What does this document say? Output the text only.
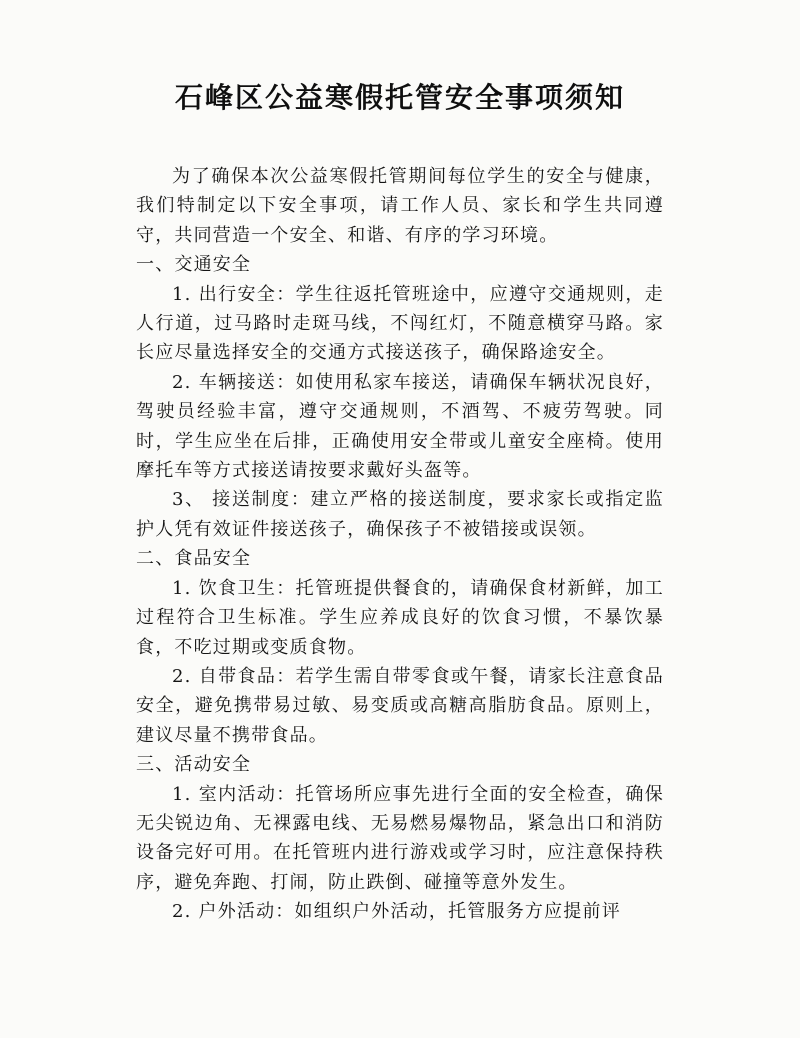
石峰区公益寒假托管安全事项须知

为了确保本次公益寒假托管期间每位学生的安全与健康，我们特制定以下安全事项，请工作人员、家长和学生共同遵守，共同营造一个安全、和谐、有序的学习环境。

一、交通安全

1. 出行安全：学生往返托管班途中，应遵守交通规则，走人行道，过马路时走斑马线，不闯红灯，不随意横穿马路。家长应尽量选择安全的交通方式接送孩子，确保路途安全。

2. 车辆接送：如使用私家车接送，请确保车辆状况良好，驾驶员经验丰富，遵守交通规则，不酒驾、不疲劳驾驶。同时，学生应坐在后排，正确使用安全带或儿童安全座椅。使用摩托车等方式接送请按要求戴好头盔等。

3、 接送制度：建立严格的接送制度，要求家长或指定监护人凭有效证件接送孩子，确保孩子不被错接或误领。

二、食品安全

1. 饮食卫生：托管班提供餐食的，请确保食材新鲜，加工过程符合卫生标准。学生应养成良好的饮食习惯，不暴饮暴食，不吃过期或变质食物。

2. 自带食品：若学生需自带零食或午餐，请家长注意食品安全，避免携带易过敏、易变质或高糖高脂肪食品。原则上，建议尽量不携带食品。

三、活动安全

1. 室内活动：托管场所应事先进行全面的安全检查，确保无尖锐边角、无裸露电线、无易燃易爆物品，紧急出口和消防设备完好可用。在托管班内进行游戏或学习时，应注意保持秩序，避免奔跑、打闹，防止跌倒、碰撞等意外发生。

2. 户外活动：如组织户外活动，托管服务方应提前评
